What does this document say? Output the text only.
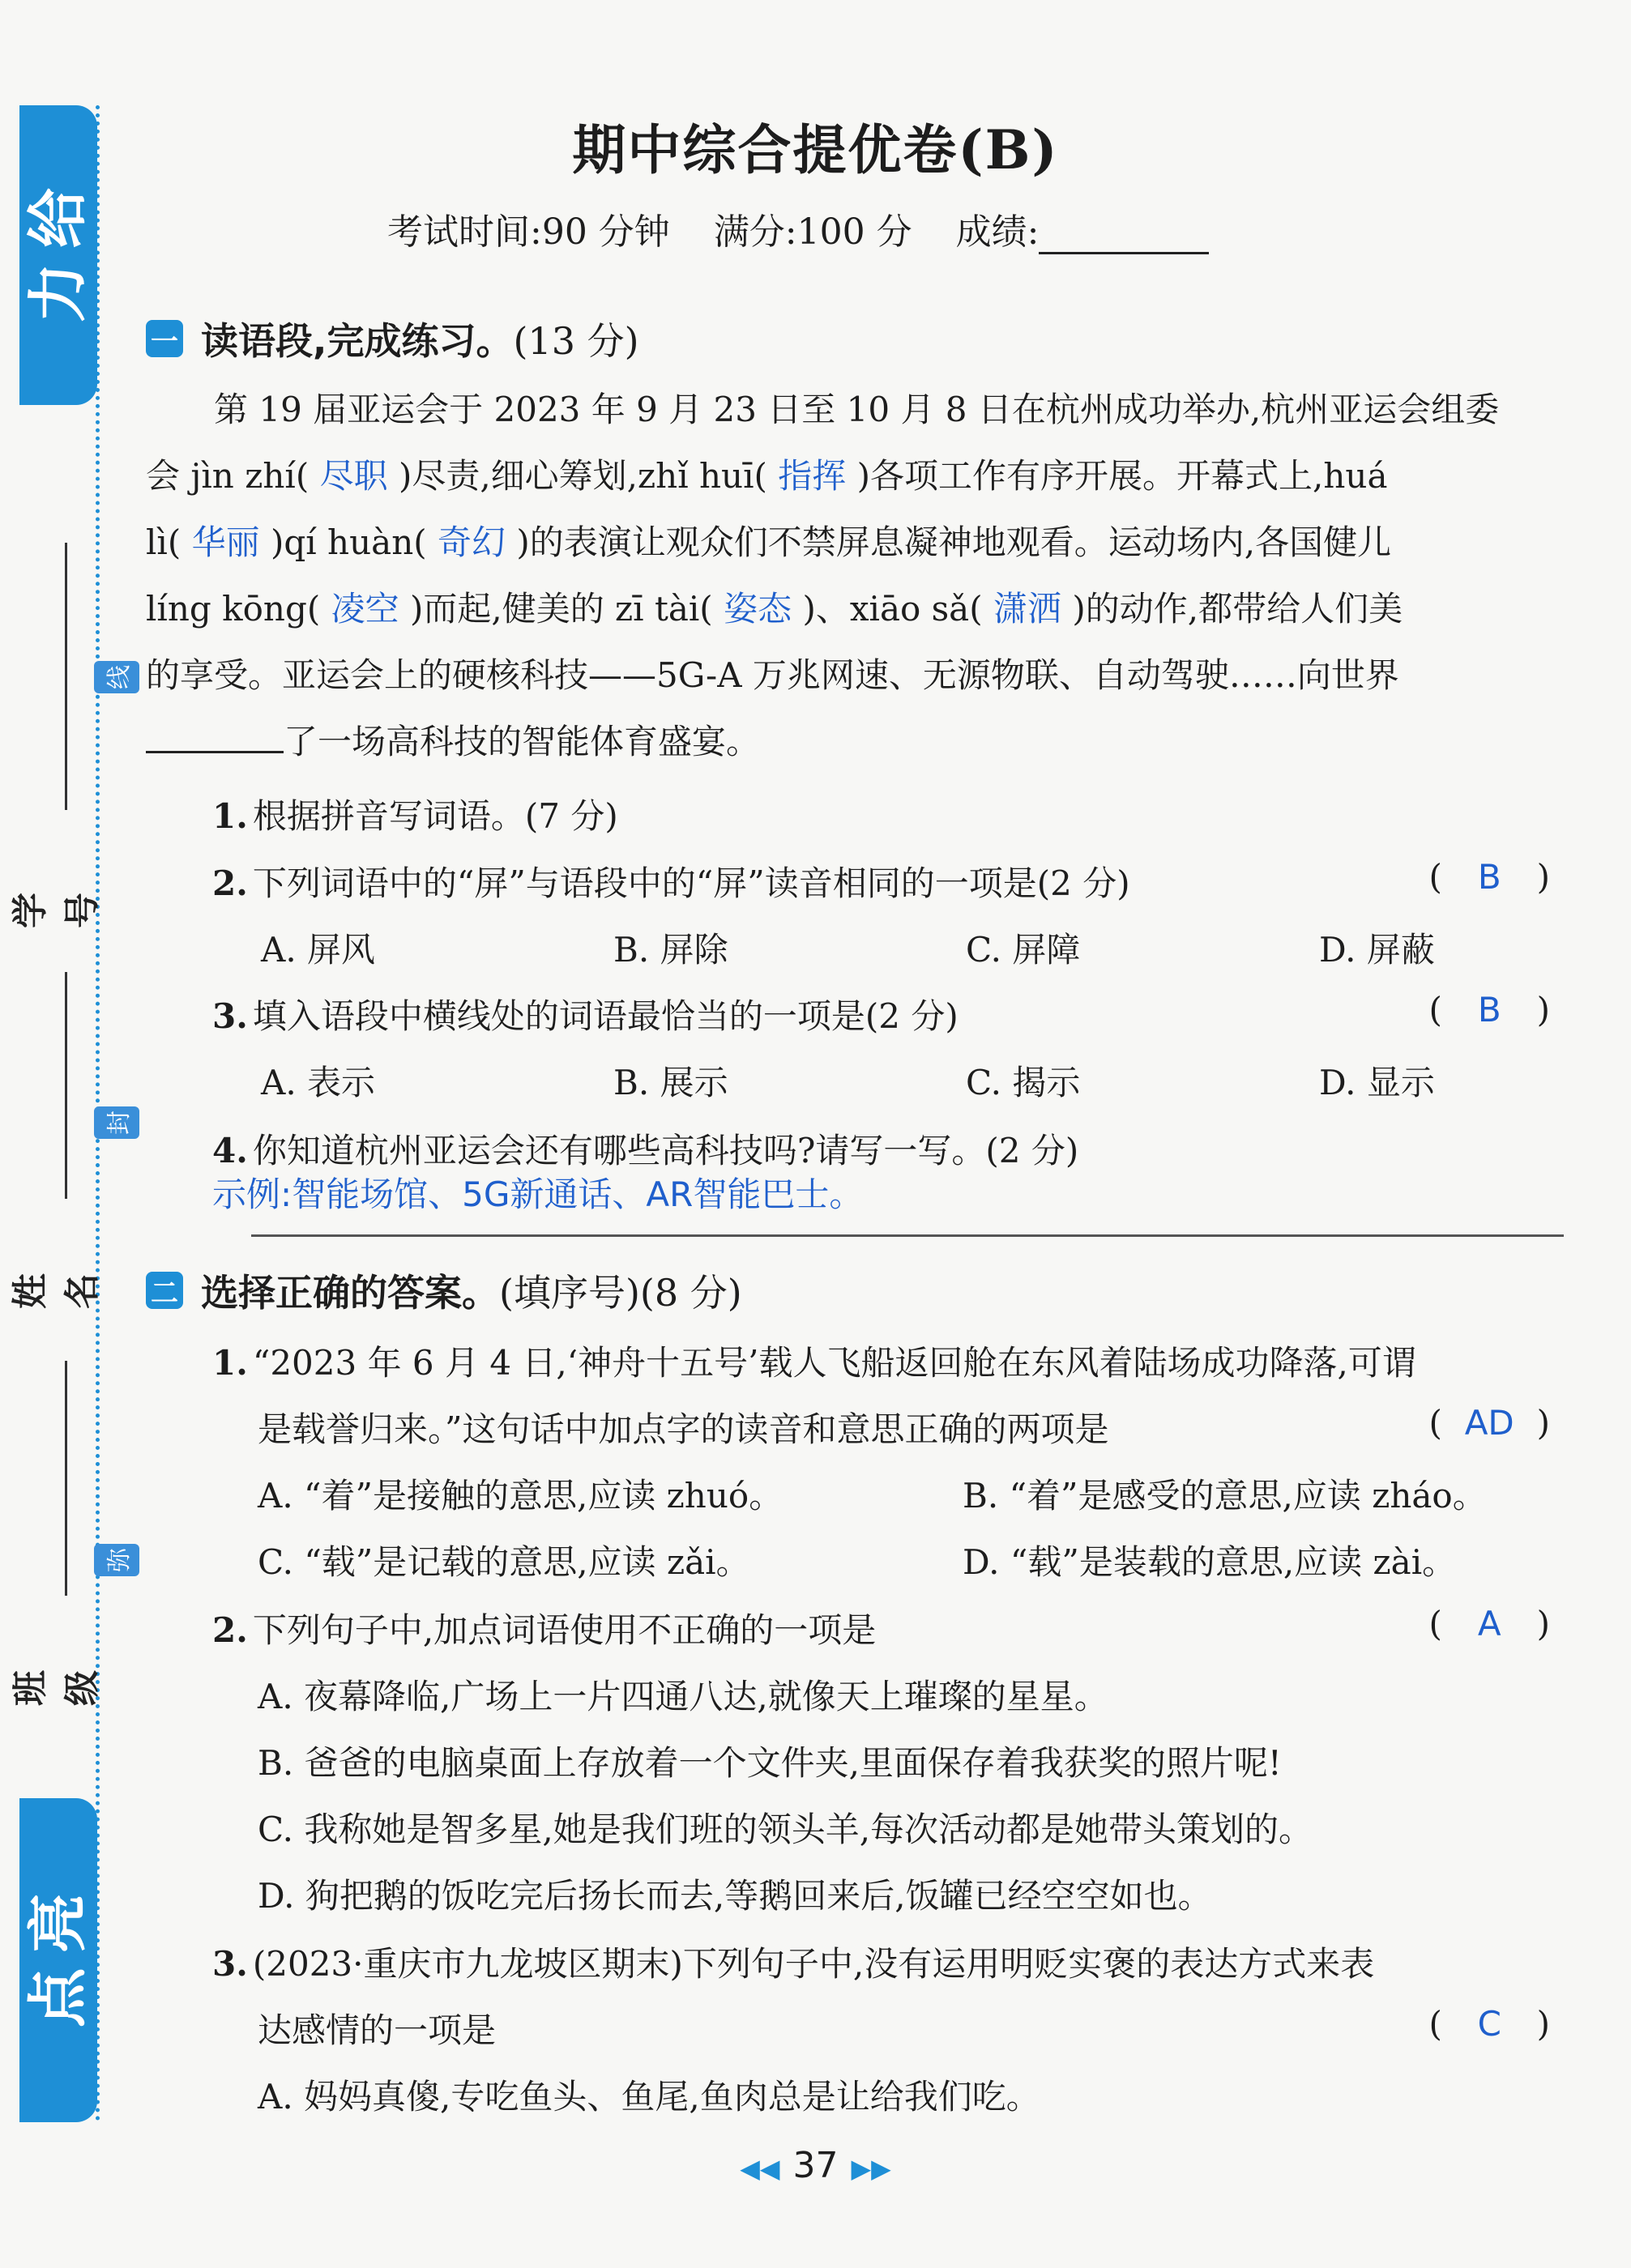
给
力
亮
点
学号
姓名
班级
线
封
弥
期中综合提优卷(B)
考试时间:90 分钟 满分:100 分 成绩:
一 读语段,完成练习。 (13 分)
第 19 届亚运会于 2023 年 9 月 23 日至 10 月 8 日在杭州成功举办,杭州亚运会组委
会 jìn zhí( 尽职 )尽责,细心筹划,zhǐ huī( 指挥 )各项工作有序开展。开幕式上,huá
lì( 华丽 )qí huàn( 奇幻 )的表演让观众们不禁屏息凝神地观看。运动场内,各国健儿
líng kōng( 凌空 )而起,健美的 zī tài( 姿态 )、xiāo sǎ( 潇洒 )的动作,都带给人们美
的享受。亚运会上的硬核科技——5G-A 万兆网速、无源物联、自动驾驶……向世界
了一场高科技的智能体育盛宴。
1. 根据拼音写词语。(7 分)
2. 下列词语中的“屏”与语段中的“屏”读音相同的一项是(2 分)	( B )
A. 屏风	B. 屏除	C. 屏障	D. 屏蔽
3. 填入语段中横线处的词语最恰当的一项是(2 分)	( B )
A. 表示	B. 展示	C. 揭示	D. 显示
4. 你知道杭州亚运会还有哪些高科技吗?请写一写。(2 分)
示例:智能场馆、5G新通话、AR智能巴士。
二 选择正确的答案。 (填序号)(8 分)
1. “2023 年 6 月 4 日,‘神舟十五号’载人飞船返回舱在东风着陆场成功降落,可谓
是载誉归来。”这句话中加点字的读音和意思正确的两项是	( AD )
A. “着”是接触的意思,应读 zhuó。	B. “着”是感受的意思,应读 zháo。
C. “载”是记载的意思,应读 zǎi。	D. “载”是装载的意思,应读 zài。
2. 下列句子中,加点词语使用不正确的一项是	( A )
A. 夜幕降临,广场上一片四通八达,就像天上璀璨的星星。
B. 爸爸的电脑桌面上存放着一个文件夹,里面保存着我获奖的照片呢!
C. 我称她是智多星,她是我们班的领头羊,每次活动都是她带头策划的。
D. 狗把鹅的饭吃完后扬长而去,等鹅回来后,饭罐已经空空如也。
3. (2023·重庆市九龙坡区期末)下列句子中,没有运用明贬实褒的表达方式来表
达感情的一项是	( C )
A. 妈妈真傻,专吃鱼头、鱼尾,鱼肉总是让给我们吃。
◀◀ 37 ▶▶
